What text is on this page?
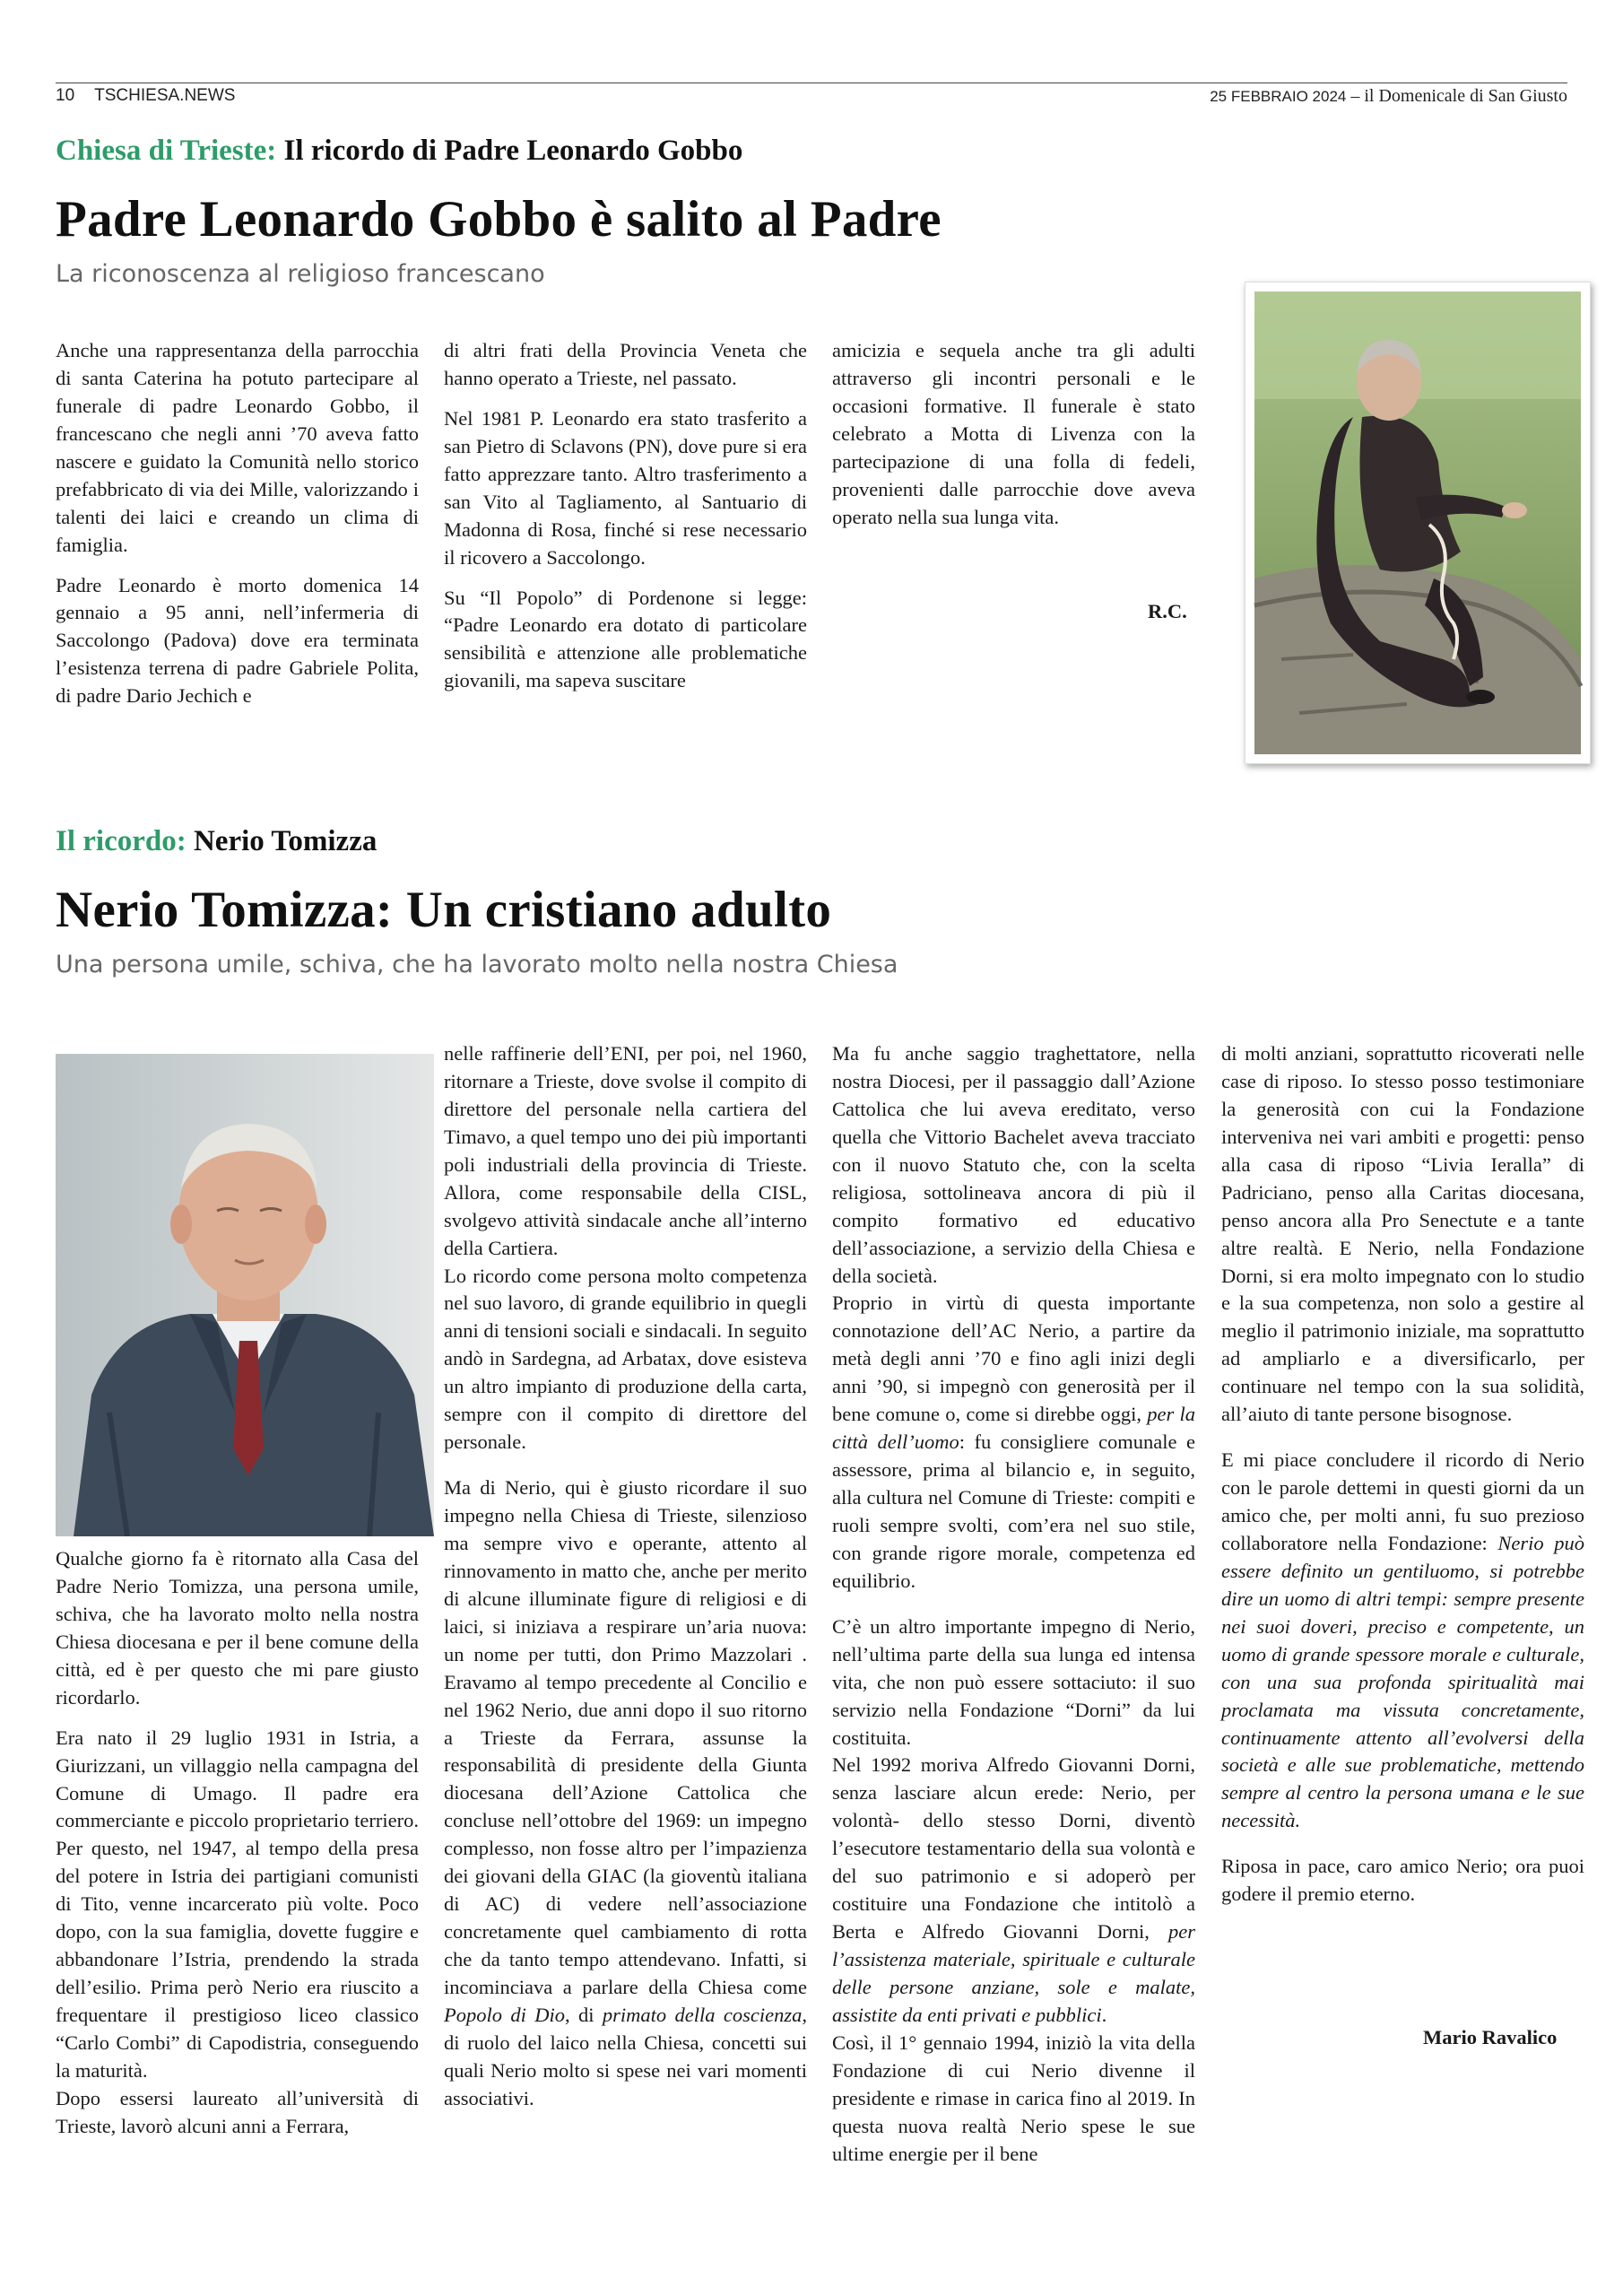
10 TSCHIESA.NEWS	25 FEBBRAIO 2024 – il Domenicale di San Giusto
Chiesa di Trieste: Il ricordo di Padre Leonardo Gobbo
Padre Leonardo Gobbo è salito al Padre
La riconoscenza al religioso francescano

Anche una rappresentanza della parrocchia di santa Caterina ha potuto partecipare al funerale di padre Leonardo Gobbo, il francescano che negli anni ’70 aveva fatto nascere e guidato la Comunità nello storico prefabbricato di via dei Mille, valorizzando i talenti dei laici e creando un clima di famiglia.

Padre Leonardo è morto domenica 14 gennaio a 95 anni, nell’infermeria di Saccolongo (Padova) dove era terminata l’esistenza terrena di padre Gabriele Polita, di padre Dario Jechich e

di altri frati della Provincia Veneta che hanno operato a Trieste, nel passato.

Nel 1981 P. Leonardo era stato trasferito a san Pietro di Sclavons (PN), dove pure si era fatto apprezzare tanto. Altro trasferimento a san Vito al Tagliamento, al Santuario di Madonna di Rosa, finché si rese necessario il ricovero a Saccolongo.

Su “Il Popolo” di Pordenone si legge: “Padre Leonardo era dotato di particolare sensibilità e attenzione alle problematiche giovanili, ma sapeva suscitare

amicizia e sequela anche tra gli adulti attraverso gli incontri personali e le occasioni formative. Il funerale è stato celebrato a Motta di Livenza con la partecipazione di una folla di fedeli, provenienti dalle parrocchie dove aveva operato nella sua lunga vita.

R.C.
Il ricordo: Nerio Tomizza
Nerio Tomizza: Un cristiano adulto
Una persona umile, schiva, che ha lavorato molto nella nostra Chiesa

Qualche giorno fa è ritornato alla Casa del Padre Nerio Tomizza, una persona umile, schiva, che ha lavorato molto nella nostra Chiesa diocesana e per il bene comune della città, ed è per questo che mi pare giusto ricordarlo.

Era nato il 29 luglio 1931 in Istria, a Giurizzani, un villaggio nella campagna del Comune di Umago. Il padre era commerciante e piccolo proprietario terriero. Per questo, nel 1947, al tempo della presa del potere in Istria dei partigiani comunisti di Tito, venne incarcerato più volte. Poco dopo, con la sua famiglia, dovette fuggire e abbandonare l’Istria, prendendo la strada dell’esilio. Prima però Nerio era riuscito a frequentare il prestigioso liceo classico “Carlo Combi” di Capodistria, conseguendo la maturità.

Dopo essersi laureato all’università di Trieste, lavorò alcuni anni a Ferrara,

nelle raffinerie dell’ENI, per poi, nel 1960, ritornare a Trieste, dove svolse il compito di direttore del personale nella cartiera del Timavo, a quel tempo uno dei più importanti poli industriali della provincia di Trieste. Allora, come responsabile della CISL, svolgevo attività sindacale anche all’interno della Cartiera.

Lo ricordo come persona molto competenza nel suo lavoro, di grande equilibrio in quegli anni di tensioni sociali e sindacali. In seguito andò in Sardegna, ad Arbatax, dove esisteva un altro impianto di produzione della carta, sempre con il compito di direttore del personale.

Ma di Nerio, qui è giusto ricordare il suo impegno nella Chiesa di Trieste, silenzioso ma sempre vivo e operante, attento al rinnovamento in matto che, anche per merito di alcune illuminate figure di religiosi e di laici, si iniziava a respirare un’aria nuova: un nome per tutti, don Primo Mazzolari . Eravamo al tempo precedente al Concilio e nel 1962 Nerio, due anni dopo il suo ritorno a Trieste da Ferrara, assunse la responsabilità di presidente della Giunta diocesana dell’Azione Cattolica che concluse nell’ottobre del 1969: un impegno complesso, non fosse altro per l’impazienza dei giovani della GIAC (la gioventù italiana di AC) di vedere nell’associazione concretamente quel cambiamento di rotta che da tanto tempo attendevano. Infatti, si incominciava a parlare della Chiesa come Popolo di Dio, di primato della coscienza, di ruolo del laico nella Chiesa, concetti sui quali Nerio molto si spese nei vari momenti associativi.

Ma fu anche saggio traghettatore, nella nostra Diocesi, per il passaggio dall’Azione Cattolica che lui aveva ereditato, verso quella che Vittorio Bachelet aveva tracciato con il nuovo Statuto che, con la scelta religiosa, sottolineava ancora di più il compito formativo ed educativo dell’associazione, a servizio della Chiesa e della società.

Proprio in virtù di questa importante connotazione dell’AC Nerio, a partire da metà degli anni ’70 e fino agli inizi degli anni ’90, si impegnò con generosità per il bene comune o, come si direbbe oggi, per la città dell’uomo: fu consigliere comunale e assessore, prima al bilancio e, in seguito, alla cultura nel Comune di Trieste: compiti e ruoli sempre svolti, com’era nel suo stile, con grande rigore morale, competenza ed equilibrio.

C’è un altro importante impegno di Nerio, nell’ultima parte della sua lunga ed intensa vita, che non può essere sottaciuto: il suo servizio nella Fondazione “Dorni” da lui costituita.

Nel 1992 moriva Alfredo Giovanni Dorni, senza lasciare alcun erede: Nerio, per volontà- dello stesso Dorni, diventò l’esecutore testamentario della sua volontà e del suo patrimonio e si adoperò per costituire una Fondazione che intitolò a Berta e Alfredo Giovanni Dorni, per l’assistenza materiale, spirituale e culturale delle persone anziane, sole e malate, assistite da enti privati e pubblici.

Così, il 1° gennaio 1994, iniziò la vita della Fondazione di cui Nerio divenne il presidente e rimase in carica fino al 2019. In questa nuova realtà Nerio spese le sue ultime energie per il bene

di molti anziani, soprattutto ricoverati nelle case di riposo. Io stesso posso testimoniare la generosità con cui la Fondazione interveniva nei vari ambiti e progetti: penso alla casa di riposo “Livia Ieralla” di Padriciano, penso alla Caritas diocesana, penso ancora alla Pro Senectute e a tante altre realtà. E Nerio, nella Fondazione Dorni, si era molto impegnato con lo studio e la sua competenza, non solo a gestire al meglio il patrimonio iniziale, ma soprattutto ad ampliarlo e a diversificarlo, per continuare nel tempo con la sua solidità, all’aiuto di tante persone bisognose.

E mi piace concludere il ricordo di Nerio con le parole dettemi in questi giorni da un amico che, per molti anni, fu suo prezioso collaboratore nella Fondazione: Nerio può essere definito un gentiluomo, si potrebbe dire un uomo di altri tempi: sempre presente nei suoi doveri, preciso e competente, un uomo di grande spessore morale e culturale, con una sua profonda spiritualità mai proclamata ma vissuta concretamente, continuamente attento all’evolversi della società e alle sue problematiche, mettendo sempre al centro la persona umana e le sue necessità.

Riposa in pace, caro amico Nerio; ora puoi godere il premio eterno.

Mario Ravalico
